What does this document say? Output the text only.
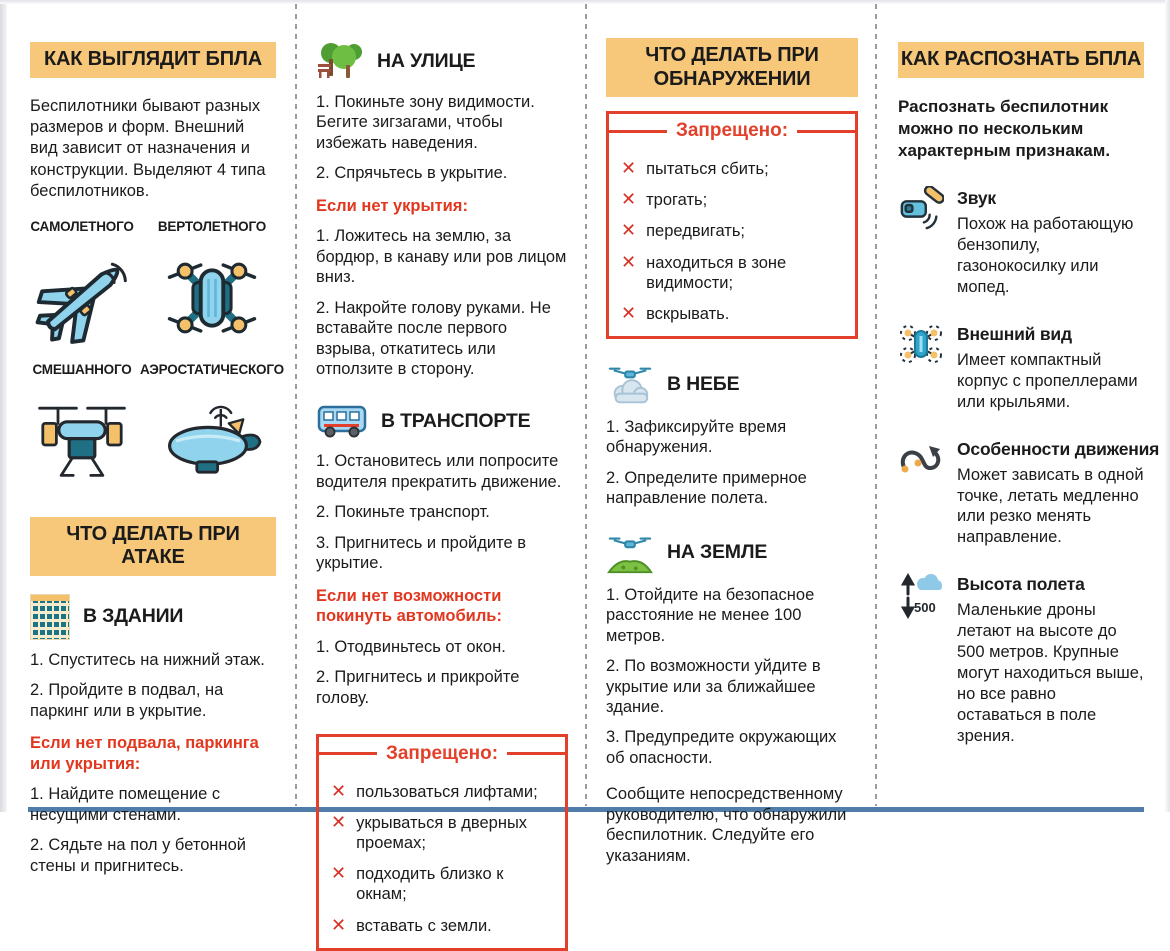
КАК ВЫГЛЯДИТ БПЛА

Беспилотники бывают разных размеров и форм. Внешний вид зависит от назначения и конструкции. Выделяют 4 типа беспилотников.

САМОЛЕТНОГО ВЕРТОЛЕТНОГО
СМЕШАННОГО АЭРОСТАТИЧЕСКОГО
ЧТО ДЕЛАТЬ ПРИ АТАКЕ
В ЗДАНИИ

1. Спуститесь на нижний этаж.

2. Пройдите в подвал, на паркинг или в укрытие.

Если нет подвала, паркинга или укрытия:

1. Найдите помещение с несущими стенами.

2. Сядьте на пол у бетонной стены и пригнитесь.

НА УЛИЦЕ

1. Покиньте зону видимости. Бегите зигзагами, чтобы избежать наведения.

2. Спрячьтесь в укрытие.

Если нет укрытия:

1. Ложитесь на землю, за бордюр, в канаву или ров лицом вниз.

2. Накройте голову руками. Не вставайте после первого взрыва, откатитесь или отползите в сторону.

В ТРАНСПОРТЕ

1. Остановитесь или попросите водителя прекратить движение.

2. Покиньте транспорт.

3. Пригнитесь и пройдите в укрытие.

Если нет возможности покинуть автомобиль:

1. Отодвиньтесь от окон.

2. Пригнитесь и прикройте голову.

Запрещено:
✕ пользоваться лифтами;
✕ укрываться в дверных проемах;
✕ подходить близко к окнам;
✕ вставать с земли.
ЧТО ДЕЛАТЬ ПРИ ОБНАРУЖЕНИИ
Запрещено:
✕ пытаться сбить;
✕ трогать;
✕ передвигать;
✕ находиться в зоне видимости;
✕ вскрывать.
В НЕБЕ

1. Зафиксируйте время обнаружения.

2. Определите примерное направление полета.

НА ЗЕМЛЕ

1. Отойдите на безопасное расстояние не менее 100 метров.

2. По возможности уйдите в укрытие или за ближайшее здание.

3. Предупредите окружающих об опасности.

Сообщите непосредственному руководителю, что обнаружили беспилотник. Следуйте его указаниям.

КАК РАСПОЗНАТЬ БПЛА

Распознать беспилотник можно по нескольким характерным признакам.

Звук

Похож на работающую бензопилу, газонокосилку или мопед.

Внешний вид

Имеет компактный корпус с пропеллерами или крыльями.

Особенности движения

Может зависать в одной точке, летать медленно или резко менять направление.

500
Высота полета

Маленькие дроны летают на высоте до 500 метров. Крупные могут находиться выше, но все равно оставаться в поле зрения.
